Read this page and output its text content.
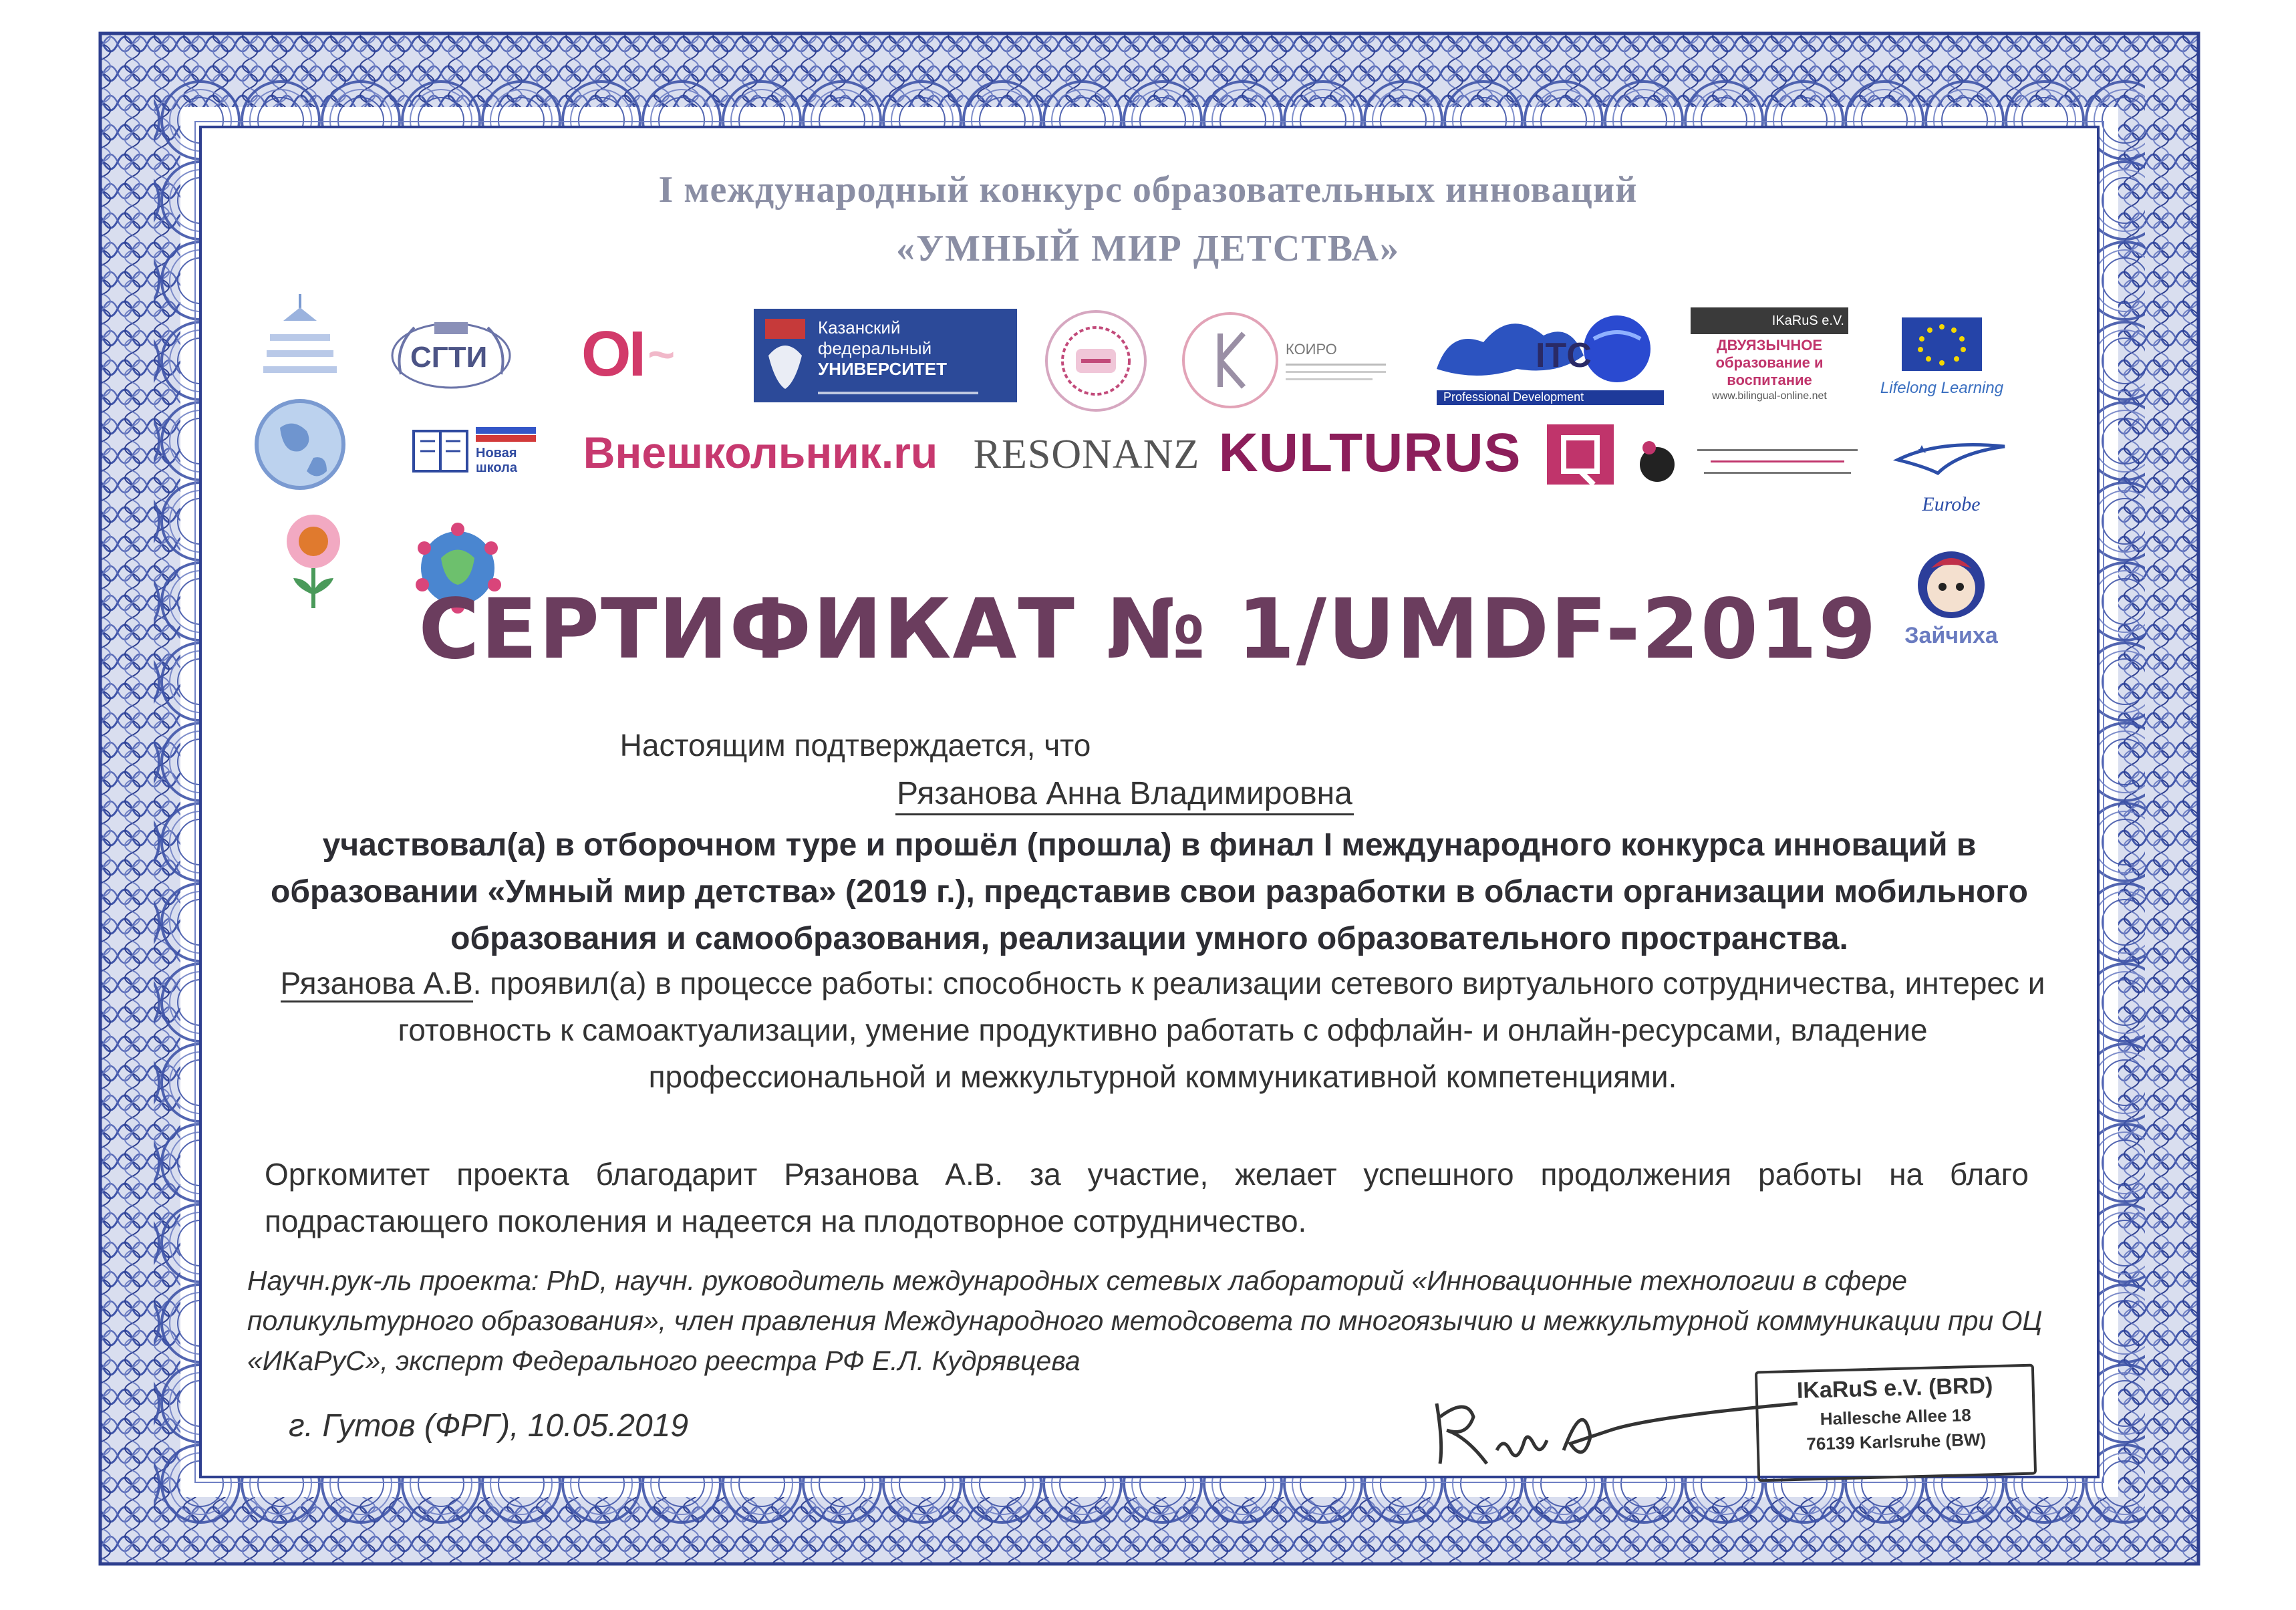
I международный конкурс образовательных инноваций
«УМНЫЙ МИР ДЕТСТВА»
СГТИ OI ~
Казанский федеральный
УНИВЕРСИТЕТ
КОИРО	ITC
Professional Development
IKaRuS e.V.
ДВУЯЗЫЧНОЕ образование и воспитание
www.bilingual-online.net	Lifelong Learning
Новая школа	Внешкольник.ru RESONANZ KULTURUS
Eurobe
Зайчиха
СЕРТИФИКАТ № 1/UMDF-2019
Настоящим подтверждается, что
Рязанова Анна Владимировна
участвовал(а) в отборочном туре и прошёл (прошла) в финал I международного конкурса инноваций в образовании «Умный мир детства» (2019 г.), представив свои разработки в области организации мобильного образования и самообразования, реализации умного образовательного пространства.
Рязанова А.В. проявил(а) в процессе работы: способность к реализации сетевого виртуального сотрудничества, интерес и готовность к самоактуализации, умение продуктивно работать с оффлайн- и онлайн-ресурсами, владение профессиональной и межкультурной коммуникативной компетенциями.
Оргкомитет проекта благодарит Рязанова А.В. за участие, желает успешного продолжения работы на благо подрастающего поколения и надеется на плодотворное сотрудничество.
Научн.рук-ль проекта: PhD, научн. руководитель международных сетевых лабораторий «Инновационные технологии в сфере поликультурного образования», член правления Международного методсовета по многоязычию и межкультурной коммуникации при ОЦ «ИКаРуС», эксперт Федерального реестра РФ Е.Л. Кудрявцева
г. Гутов (ФРГ), 10.05.2019
IKaRuS e.V. (BRD)
Hallesche Allee 18
76139 Karlsruhe (BW)
